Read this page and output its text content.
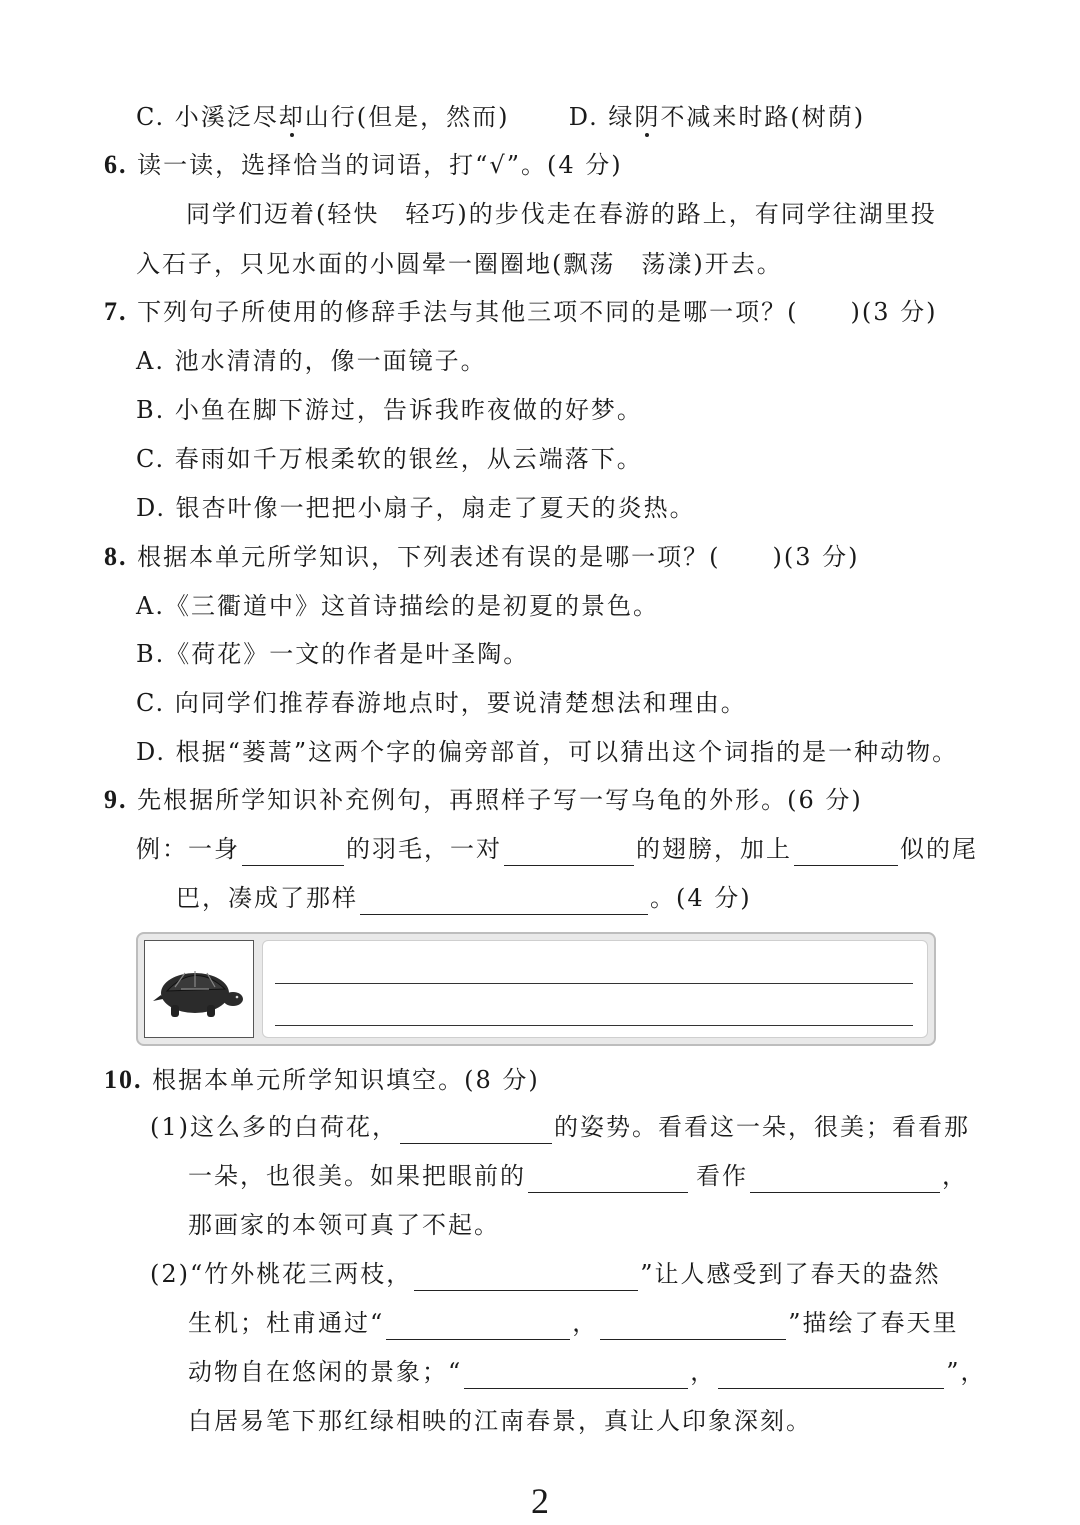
C. 小溪泛尽却山行(但是，然而) D. 绿阴不减来时路(树荫)
6. 读一读，选择恰当的词语，打“√”。(4 分)
同学们迈着(轻快　轻巧)的步伐走在春游的路上，有同学往湖里投
入石子，只见水面的小圆晕一圈圈地(飘荡　荡漾)开去。
7. 下列句子所使用的修辞手法与其他三项不同的是哪一项？( )(3 分)
A. 池水清清的，像一面镜子。
B. 小鱼在脚下游过，告诉我昨夜做的好梦。
C. 春雨如千万根柔软的银丝，从云端落下。
D. 银杏叶像一把把小扇子，扇走了夏天的炎热。
8. 根据本单元所学知识，下列表述有误的是哪一项？( )(3 分)
A.《三衢道中》这首诗描绘的是初夏的景色。
B.《荷花》一文的作者是叶圣陶。
C. 向同学们推荐春游地点时，要说清楚想法和理由。
D. 根据“蒌蒿”这两个字的偏旁部首，可以猜出这个词指的是一种动物。
9. 先根据所学知识补充例句，再照样子写一写乌龟的外形。(6 分)
例：一身	的羽毛，一对	的翅膀，加上	似的尾
巴，凑成了那样	。(4 分)
10. 根据本单元所学知识填空。(8 分)
(1)这么多的白荷花，	的姿势。看看这一朵，很美；看看那
一朵，也很美。如果把眼前的	看作	，
那画家的本领可真了不起。
(2)“竹外桃花三两枝，	”让人感受到了春天的盎然
生机；杜甫通过“	，	”描绘了春天里
动物自在悠闲的景象；“	，	”，
白居易笔下那红绿相映的江南春景，真让人印象深刻。
2
